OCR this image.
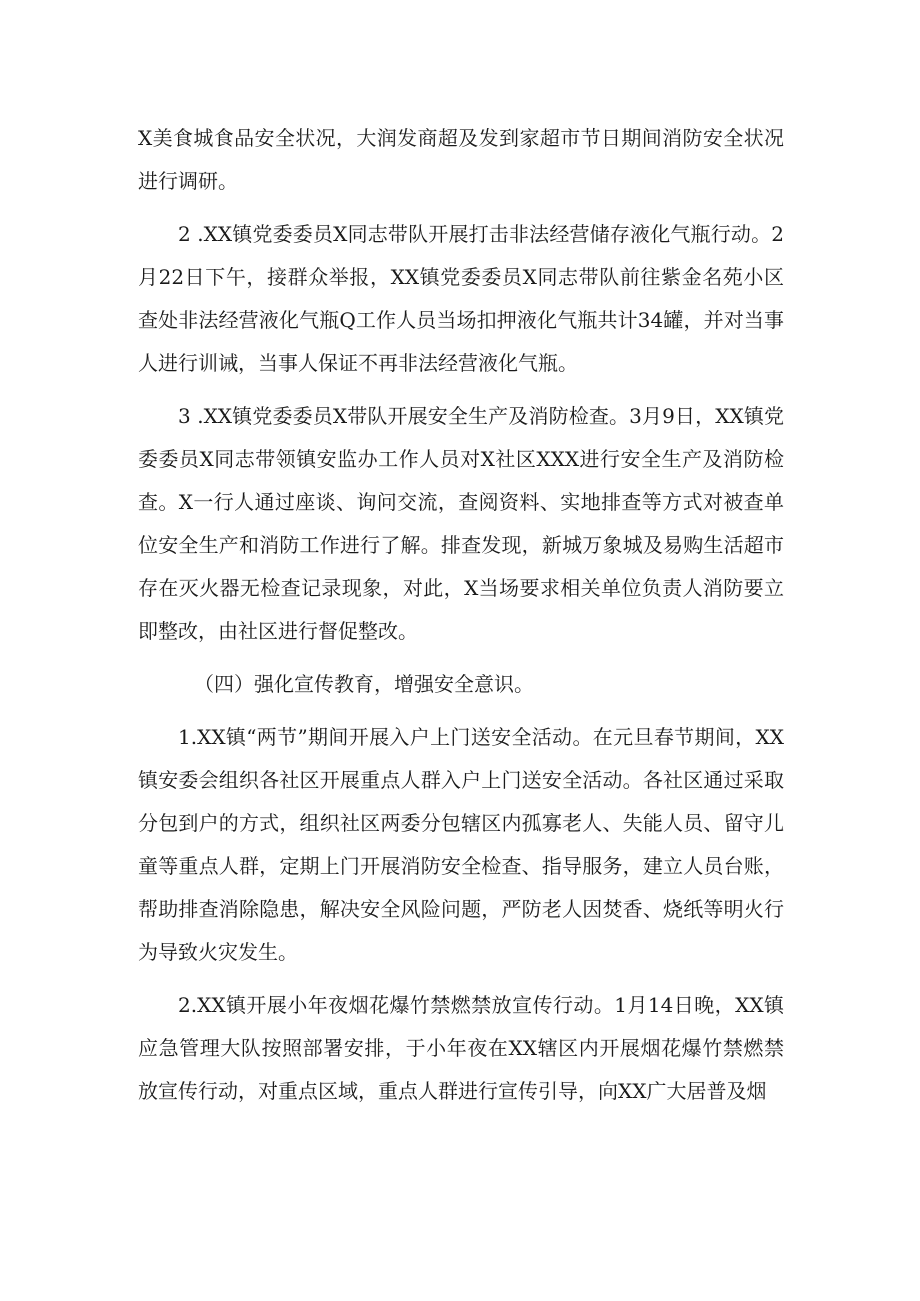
X美食城食品安全状况，大润发商超及发到家超市节日期间消防安全状况进行调研。

2 .XX镇党委委员X同志带队开展打击非法经营储存液化气瓶行动。2月22日下午，接群众举报，XX镇党委委员X同志带队前往紫金名苑小区查处非法经营液化气瓶Q工作人员当场扣押液化气瓶共计34罐，并对当事人进行训诫，当事人保证不再非法经营液化气瓶。

3 .XX镇党委委员X带队开展安全生产及消防检查。3月9日，XX镇党委委员X同志带领镇安监办工作人员对X社区XXX进行安全生产及消防检查。X一行人通过座谈、询问交流，查阅资料、实地排查等方式对被查单位安全生产和消防工作进行了解。排查发现，新城万象城及易购生活超市存在灭火器无检查记录现象，对此，X当场要求相关单位负责人消防要立即整改，由社区进行督促整改。

（四）强化宣传教育，增强安全意识。

1.XX镇“两节”期间开展入户上门送安全活动。在元旦春节期间，XX镇安委会组织各社区开展重点人群入户上门送安全活动。各社区通过采取分包到户的方式，组织社区两委分包辖区内孤寡老人、失能人员、留守儿童等重点人群，定期上门开展消防安全检查、指导服务，建立人员台账，帮助排查消除隐患，解决安全风险问题，严防老人因焚香、烧纸等明火行为导致火灾发生。

2.XX镇开展小年夜烟花爆竹禁燃禁放宣传行动。1月14日晚，XX镇应急管理大队按照部署安排，于小年夜在XX辖区内开展烟花爆竹禁燃禁放宣传行动，对重点区域，重点人群进行宣传引导，向XX广大居普及烟
